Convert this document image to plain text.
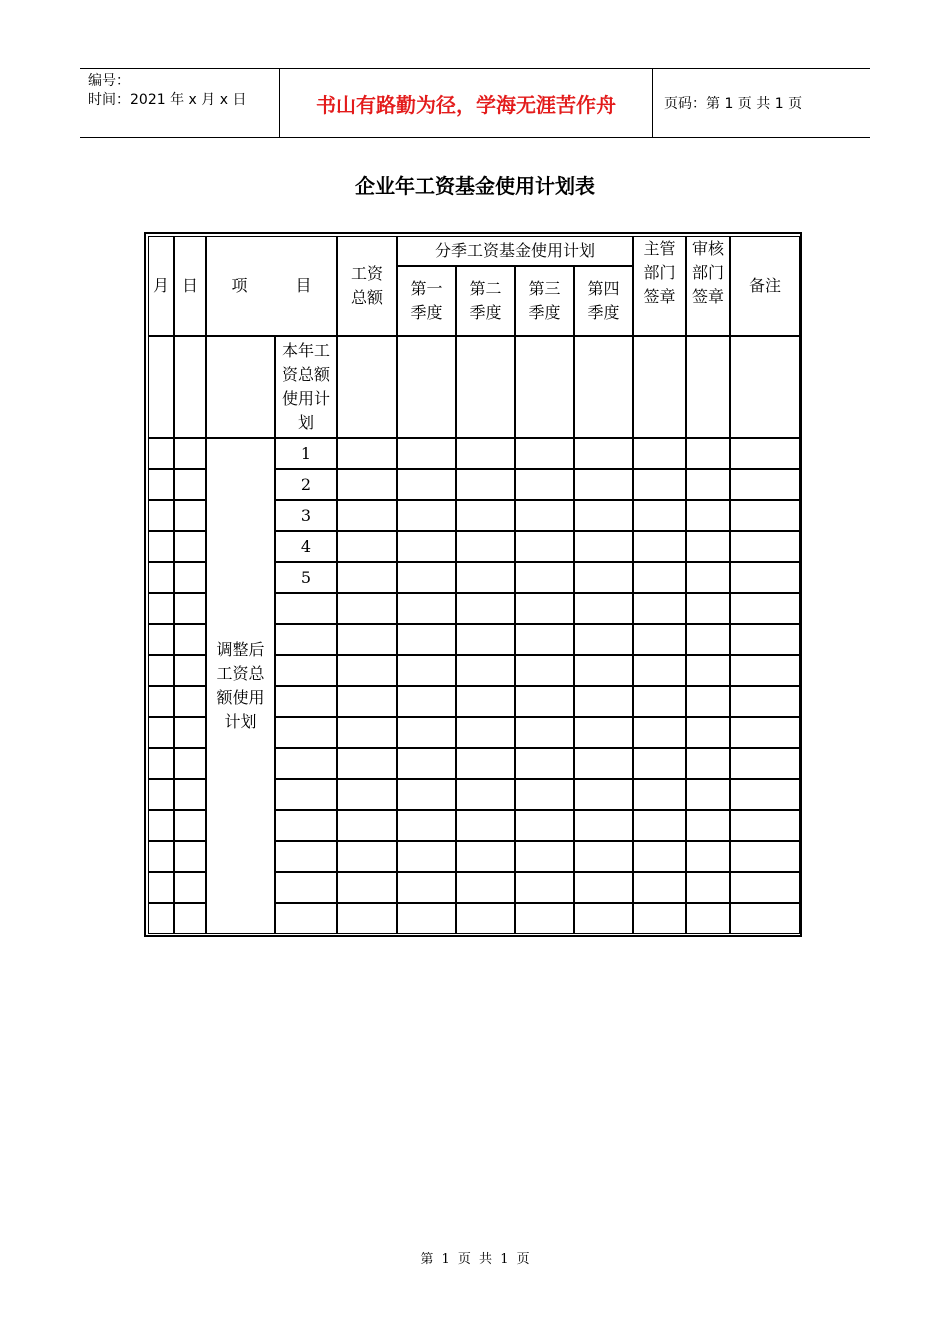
编号：
时间：2021 年 x 月 x 日	书山有路勤为径，学海无涯苦作舟	页码：第 1 页 共 1 页
企业年工资基金使用计划表
月	日	项 目		工资总额	分季工资基金使用计划				主管部门签章	审核部门签章	备注
					第一季度	第二季度	第三季度	第四季度			
			本年工资总额使用计划								
		调整后工资总额使用计划	1								
			2								
			3								
			4								
			5								

第 1 页 共 1 页
